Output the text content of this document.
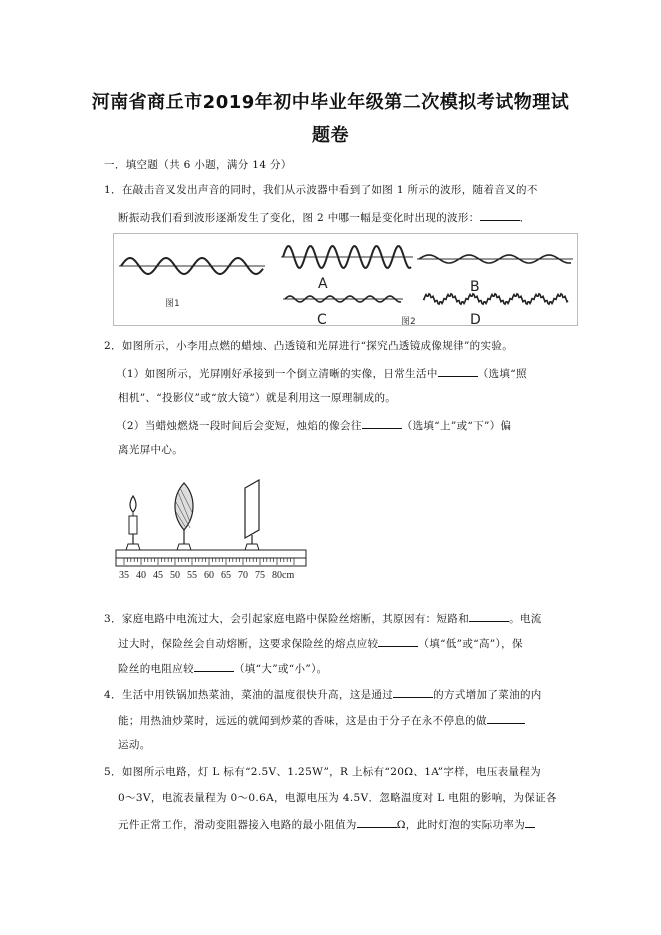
河南省商丘市2019年初中毕业年级第二次模拟考试物理试
题卷
一．填空题（共 6 小题，满分 14 分）
1．在敲击音叉发出声音的同时，我们从示波器中看到了如图 1 所示的波形，随着音叉的不
断振动我们看到波形逐渐发生了变化，图 2 中哪一幅是变化时出现的波形：	．
图1
A	B
C	D
图2
2．如图所示，小李用点燃的蜡烛、凸透镜和光屏进行“探究凸透镜成像规律”的实验。
（1）如图所示，光屏刚好承接到一个倒立清晰的实像，日常生活中	（选填“照
相机”、“投影仪”或“放大镜”）就是利用这一原理制成的。
（2）当蜡烛燃烧一段时间后会变短，烛焰的像会往	（选填“上”或“下”）偏
离光屏中心。
35 40 45 50 55 60 65 70 75 80cm
3．家庭电路中电流过大，会引起家庭电路中保险丝熔断，其原因有：短路和	。电流
过大时，保险丝会自动熔断，这要求保险丝的熔点应较	（填“低”或“高”），保
险丝的电阻应较	（填“大”或“小”）。
4．生活中用铁锅加热菜油，菜油的温度很快升高，这是通过	的方式增加了菜油的内
能；用热油炒菜时，远远的就闻到炒菜的香味，这是由于分子在永不停息的做
运动。
5．如图所示电路，灯 L 标有“2.5V、1.25W”，R 上标有“20Ω、1A”字样，电压表量程为
0～3V，电流表量程为 0～0.6A，电源电压为 4.5V．忽略温度对 L 电阻的影响，为保证各
元件正常工作，滑动变阻器接入电路的最小阻值为	Ω，此时灯泡的实际功率为
